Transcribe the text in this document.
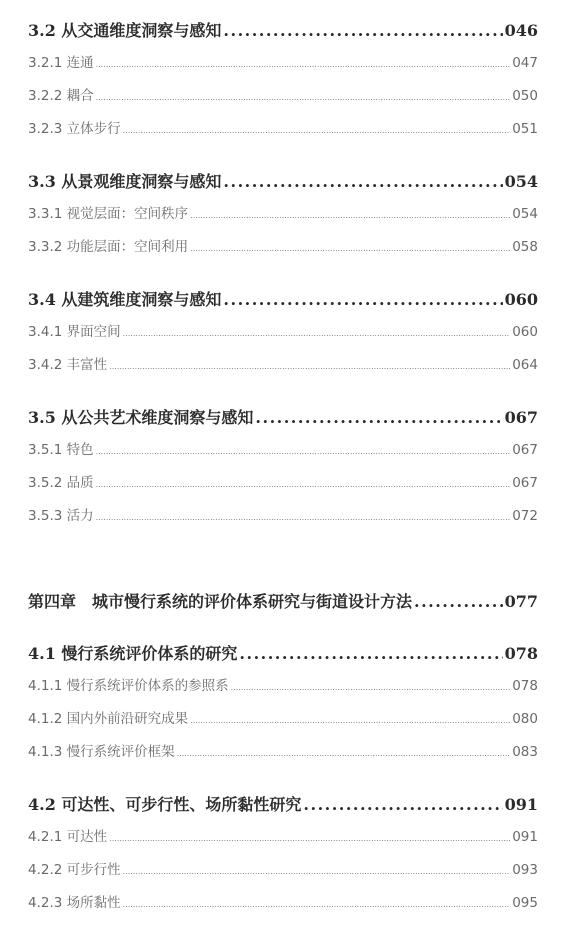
3.2 从交通维度洞察与感知 .....	046
3.2.1 连通 .....	047
3.2.2 耦合 .....	050
3.2.3 立体步行 .....	051
3.3 从景观维度洞察与感知 .....	054
3.3.1 视觉层面：空间秩序 .....	054
3.3.2 功能层面：空间利用 .....	058
3.4 从建筑维度洞察与感知 .....	060
3.4.1 界面空间 .....	060
3.4.2 丰富性 .....	064
3.5 从公共艺术维度洞察与感知 .....	067
3.5.1 特色 .....	067
3.5.2 品质 .....	067
3.5.3 活力 .....	072
第四章　城市慢行系统的评价体系研究与街道设计方法 .....	077
4.1 慢行系统评价体系的研究 .....	078
4.1.1 慢行系统评价体系的参照系 .....	078
4.1.2 国内外前沿研究成果 .....	080
4.1.3 慢行系统评价框架 .....	083
4.2 可达性、可步行性、场所黏性研究 .....	091
4.2.1 可达性 .....	091
4.2.2 可步行性 .....	093
4.2.3 场所黏性 .....	095
